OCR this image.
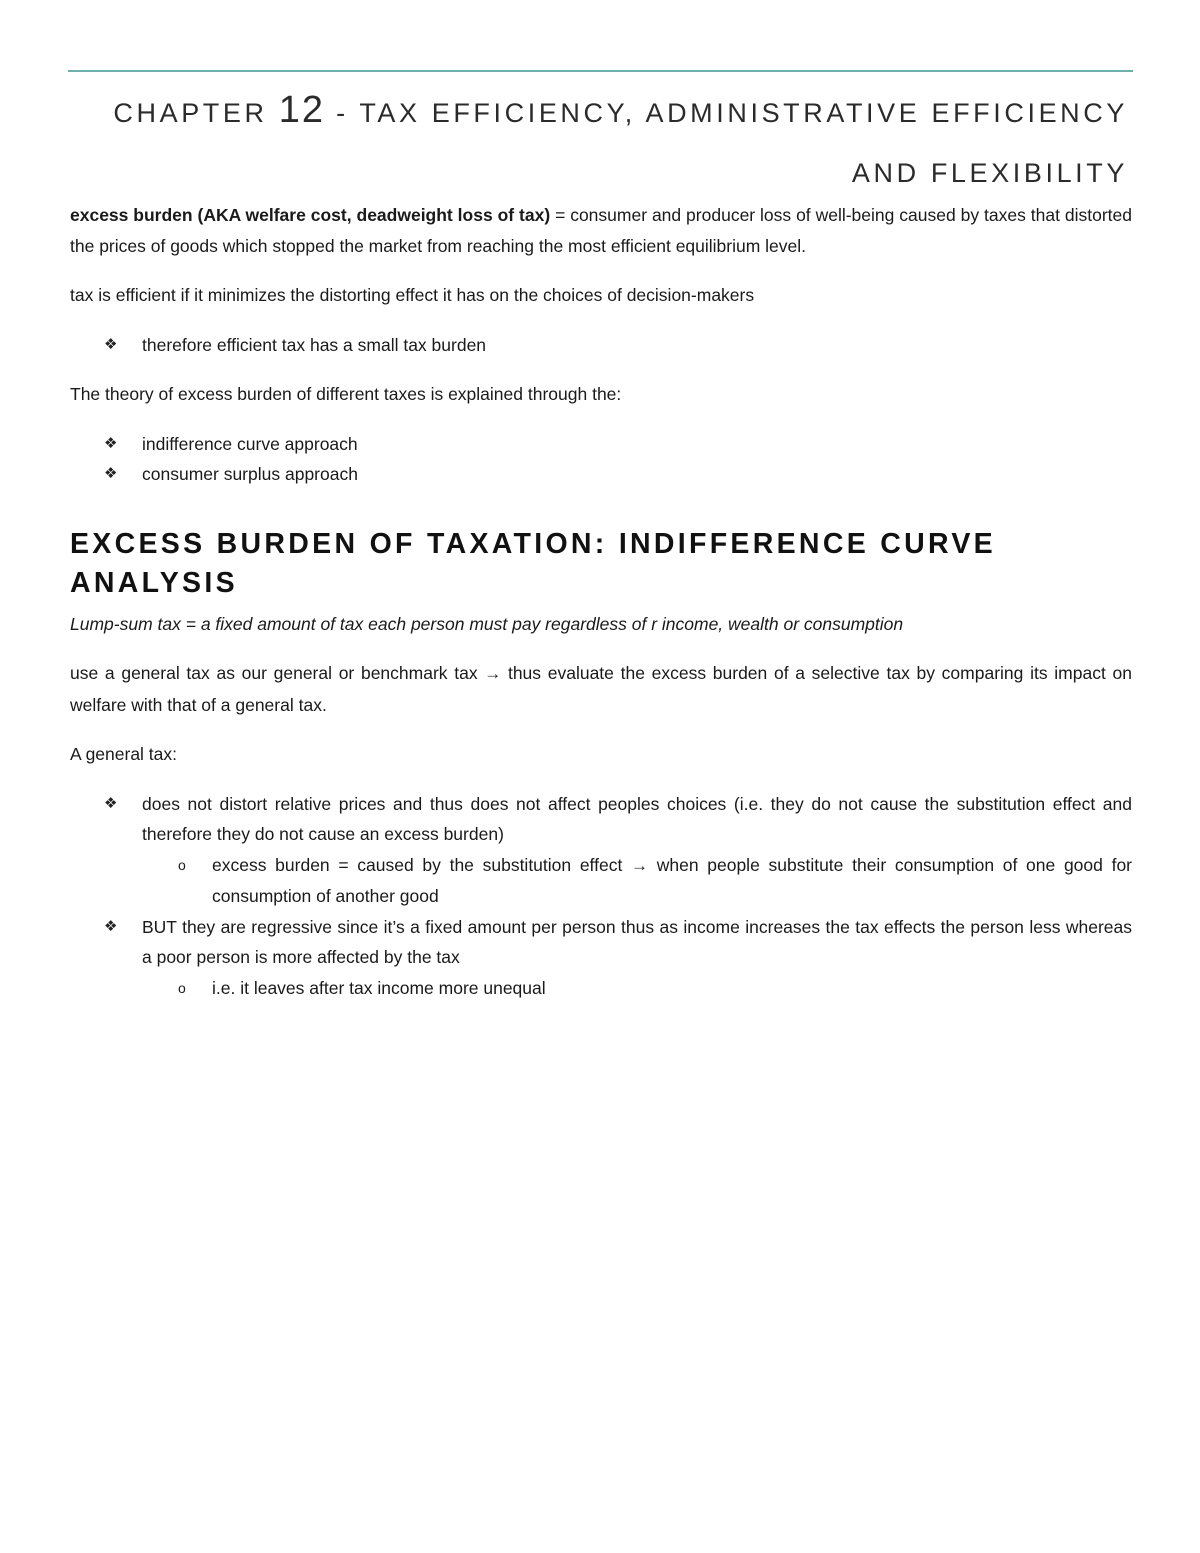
CHAPTER 12 - TAX EFFICIENCY, ADMINISTRATIVE EFFICIENCY AND FLEXIBILITY

excess burden (AKA welfare cost, deadweight loss of tax) = consumer and producer loss of well-being caused by taxes that distorted the prices of goods which stopped the market from reaching the most efficient equilibrium level.

tax is efficient if it minimizes the distorting effect it has on the choices of decision-makers

❖ therefore efficient tax has a small tax burden

The theory of excess burden of different taxes is explained through the:

❖ indifference curve approach
❖ consumer surplus approach
EXCESS BURDEN OF TAXATION: INDIFFERENCE CURVE ANALYSIS

Lump-sum tax = a fixed amount of tax each person must pay regardless of r income, wealth or consumption

use a general tax as our general or benchmark tax → thus evaluate the excess burden of a selective tax by comparing its impact on welfare with that of a general tax.

A general tax:

❖ does not distort relative prices and thus does not affect peoples choices (i.e. they do not cause the substitution effect and therefore they do not cause an excess burden)
o excess burden = caused by the substitution effect → when people substitute their consumption of one good for consumption of another good
❖ BUT they are regressive since it’s a fixed amount per person thus as income increases the tax effects the person less whereas a poor person is more affected by the tax
o i.e. it leaves after tax income more unequal
